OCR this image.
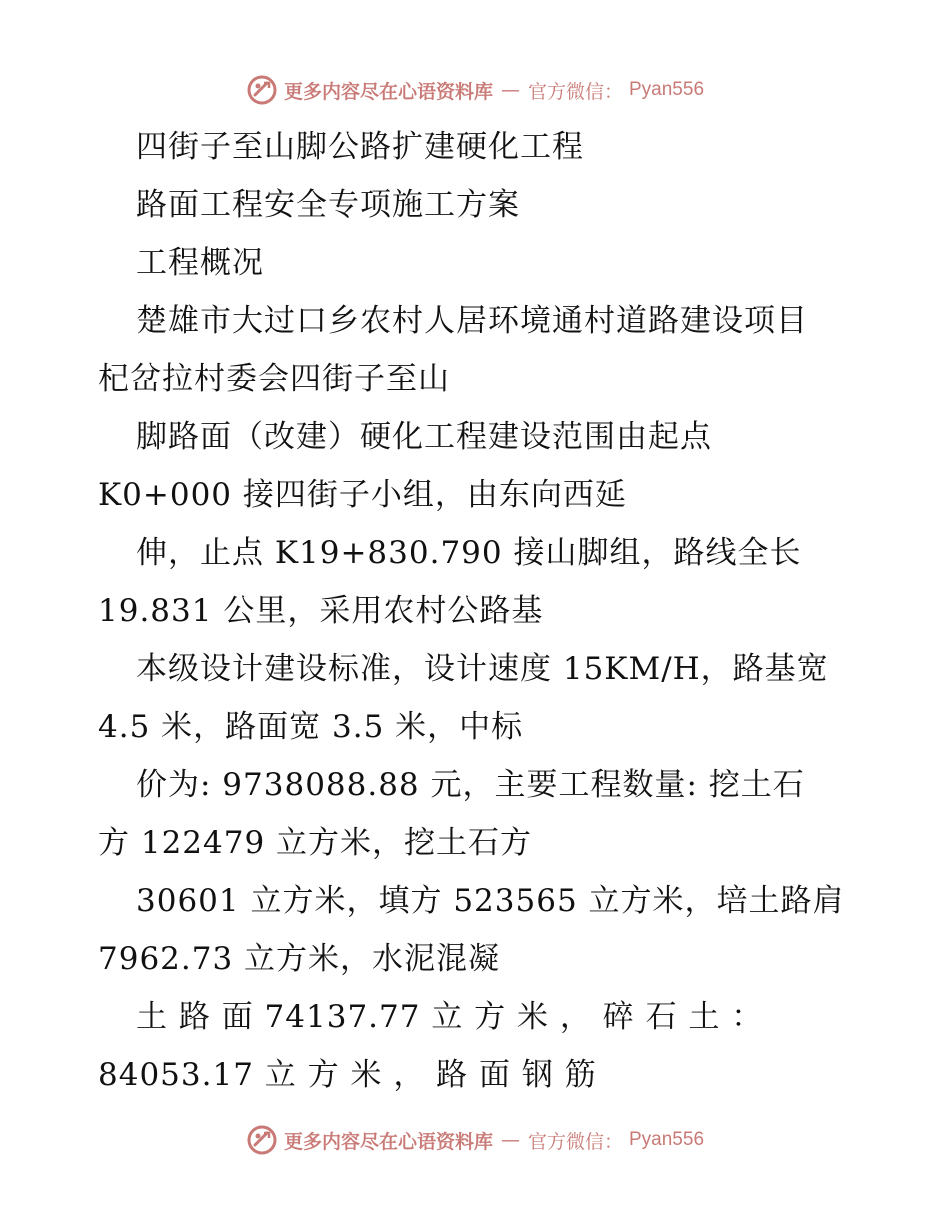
更多内容尽在心语资料库 — 官方微信： Pyan556
四街子至山脚公路扩建硬化工程
路面工程安全专项施工方案
工程概况
楚雄市大过口乡农村人居环境通村道路建设项目
杞岔拉村委会四街子至山
脚路面（改建）硬化工程建设范围由起点
K0+000 接四街子小组，由东向西延
伸，止点 K19+830.790 接山脚组，路线全长
19.831 公里，采用农村公路基
本级设计建设标准，设计速度 15KM/H，路基宽
4.5 米，路面宽 3.5 米，中标
价为: 9738088.88 元，主要工程数量: 挖土石
方 122479 立方米，挖土石方
30601 立方米，填方 523565 立方米，培土路肩
7962.73 立方米，水泥混凝
土 路 面 74137.77 立 方 米 ， 碎 石 土 ：
84053.17 立 方 米 ， 路 面 钢 筋
更多内容尽在心语资料库 — 官方微信： Pyan556
